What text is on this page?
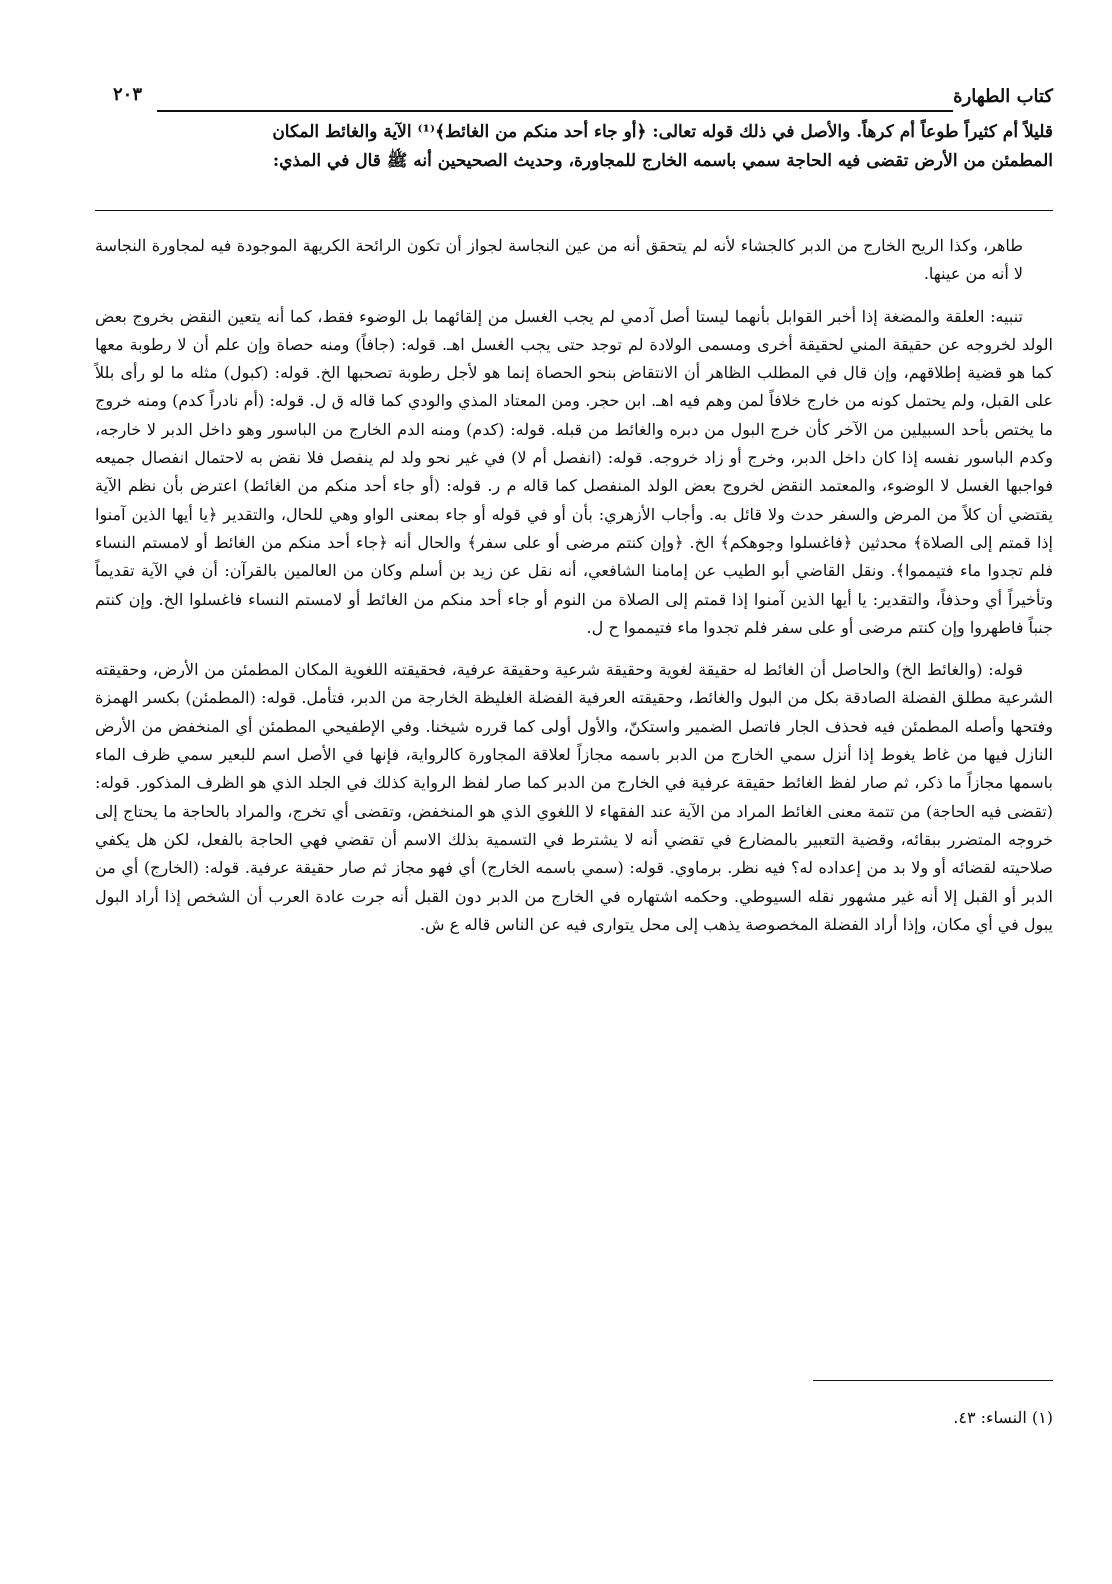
كتاب الطهارة
٢٠٣

قليلاً أم كثيراً طوعاً أم كرهاً. والأصل في ذلك قوله تعالى: ﴿أو جاء أحد منكم من الغائط﴾⁽¹⁾ الآية والغائط المكان

المطمئن من الأرض تقضى فيه الحاجة سمي باسمه الخارج للمجاورة، وحديث الصحيحين أنه ﷺ قال في المذي:

طاهر، وكذا الريح الخارج من الدبر كالجشاء لأنه لم يتحقق أنه من عين النجاسة لجواز أن تكون الرائحة الكريهة الموجودة فيه لمجاورة النجاسة لا أنه من عينها.

تنبيه: العلقة والمضغة إذا أخبر القوابل بأنهما ليستا أصل آدمي لم يجب الغسل من إلقائهما بل الوضوء فقط، كما أنه يتعين النقض بخروج بعض الولد لخروجه عن حقيقة المني لحقيقة أخرى ومسمى الولادة لم توجد حتى يجب الغسل اهـ. قوله: (جافاً) ومنه حصاة وإن علم أن لا رطوبة معها كما هو قضية إطلاقهم، وإن قال في المطلب الظاهر أن الانتقاض بنحو الحصاة إنما هو لأجل رطوبة تصحبها الخ. قوله: (كبول) مثله ما لو رأى بللاً على القبل، ولم يحتمل كونه من خارج خلافاً لمن وهم فيه اهـ. ابن حجر. ومن المعتاد المذي والودي كما قاله ق ل. قوله: (أم نادراً كدم) ومنه خروج ما يختص بأحد السبيلين من الآخر كأن خرج البول من دبره والغائط من قبله. قوله: (كدم) ومنه الدم الخارج من الباسور وهو داخل الدبر لا خارجه، وكدم الباسور نفسه إذا كان داخل الدبر، وخرج أو زاد خروجه. قوله: (انفصل أم لا) في غير نحو ولد لم ينفصل فلا نقض به لاحتمال انفصال جميعه فواجبها الغسل لا الوضوء، والمعتمد النقض لخروج بعض الولد المنفصل كما قاله م ر. قوله: (أو جاء أحد منكم من الغائط) اعترض بأن نظم الآية يقتضي أن كلاً من المرض والسفر حدث ولا قائل به. وأجاب الأزهري: بأن أو في قوله أو جاء بمعنى الواو وهي للحال، والتقدير ﴿يا أيها الذين آمنوا إذا قمتم إلى الصلاة﴾ محدثين ﴿فاغسلوا وجوهكم﴾ الخ. ﴿وإن كنتم مرضى أو على سفر﴾ والحال أنه ﴿جاء أحد منكم من الغائط أو لامستم النساء فلم تجدوا ماء فتيمموا﴾. ونقل القاضي أبو الطيب عن إمامنا الشافعي، أنه نقل عن زيد بن أسلم وكان من العالمين بالقرآن: أن في الآية تقديماً وتأخيراً أي وحذفاً، والتقدير: يا أيها الذين آمنوا إذا قمتم إلى الصلاة من النوم أو جاء أحد منكم من الغائط أو لامستم النساء فاغسلوا الخ. وإن كنتم جنباً فاطهروا وإن كنتم مرضى أو على سفر فلم تجدوا ماء فتيمموا ح ل.

قوله: (والغائط الخ) والحاصل أن الغائط له حقيقة لغوية وحقيقة شرعية وحقيقة عرفية، فحقيقته اللغوية المكان المطمئن من الأرض، وحقيقته الشرعية مطلق الفضلة الصادقة بكل من البول والغائط، وحقيقته العرفية الفضلة الغليظة الخارجة من الدبر، فتأمل. قوله: (المطمئن) بكسر الهمزة وفتحها وأصله المطمئن فيه فحذف الجار فاتصل الضمير واستكنّ، والأول أولى كما قرره شيخنا. وفي الإطفيحي المطمئن أي المنخفض من الأرض النازل فيها من غاط يغوط إذا أنزل سمي الخارج من الدبر باسمه مجازاً لعلاقة المجاورة كالرواية، فإنها في الأصل اسم للبعير سمي ظرف الماء باسمها مجازاً ما ذكر، ثم صار لفظ الغائط حقيقة عرفية في الخارج من الدبر كما صار لفظ الرواية كذلك في الجلد الذي هو الظرف المذكور. قوله: (تقضى فيه الحاجة) من تتمة معنى الغائط المراد من الآية عند الفقهاء لا اللغوي الذي هو المنخفض، وتقضى أي تخرج، والمراد بالحاجة ما يحتاج إلى خروجه المتضرر ببقائه، وقضية التعبير بالمضارع في تقضي أنه لا يشترط في التسمية بذلك الاسم أن تقضي فهي الحاجة بالفعل، لكن هل يكفي صلاحيته لقضائه أو ولا بد من إعداده له؟ فيه نظر. برماوي. قوله: (سمي باسمه الخارج) أي فهو مجاز ثم صار حقيقة عرفية. قوله: (الخارج) أي من الدبر أو القبل إلا أنه غير مشهور نقله السيوطي. وحكمه اشتهاره في الخارج من الدبر دون القبل أنه جرت عادة العرب أن الشخص إذا أراد البول يبول في أي مكان، وإذا أراد الفضلة المخصوصة يذهب إلى محل يتوارى فيه عن الناس قاله ع ش.

(١) النساء: ٤٣.
